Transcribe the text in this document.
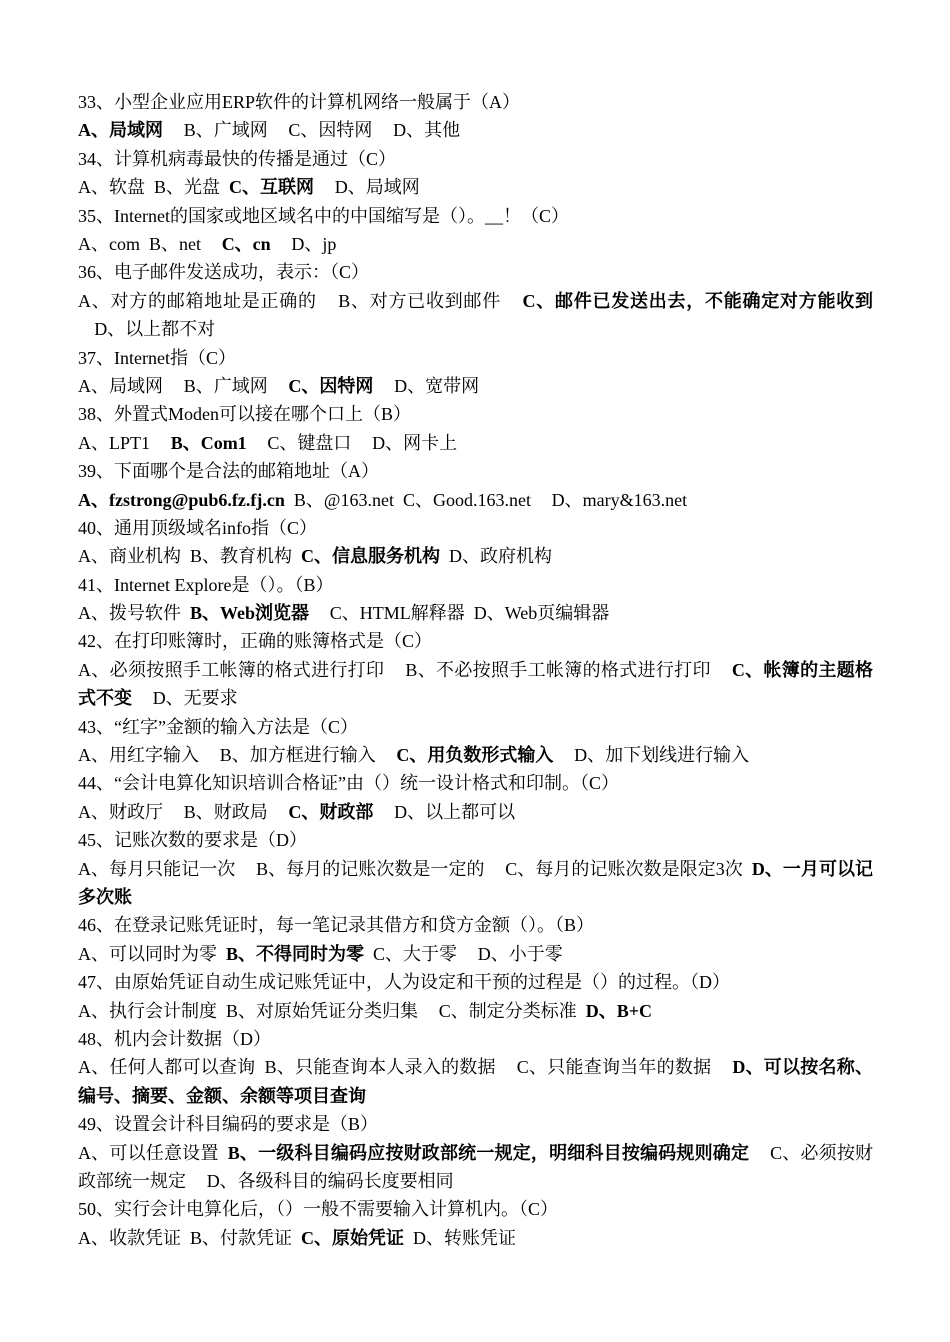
33、小型企业应用ERP软件的计算机网络一般属于（A）
A、局域网 B、广域网 C、因特网 D、其他
34、计算机病毒最快的传播是通过（C）
A、软盘 B、光盘 C、互联网 D、局域网
35、Internet的国家或地区域名中的中国缩写是（）。__！（C）
A、com B、net C、cn D、jp
36、电子邮件发送成功，表示：（C）
A、对方的邮箱地址是正确的 B、对方已收到邮件 C、邮件已发送出去，不能确定对方能收到 D、以上都不对
37、Internet指（C）
A、局域网 B、广域网 C、因特网 D、宽带网
38、外置式Moden可以接在哪个口上（B）
A、LPT1 B、Com1 C、键盘口 D、网卡上
39、下面哪个是合法的邮箱地址（A）
A、fzstrong@pub6.fz.fj.cn B、@163.net C、Good.163.net D、mary&163.net
40、通用顶级域名info指（C）
A、商业机构 B、教育机构 C、信息服务机构 D、政府机构
41、Internet Explore是（）。（B）
A、拨号软件 B、Web浏览器 C、HTML解释器 D、Web页编辑器
42、在打印账簿时，正确的账簿格式是（C）
A、必须按照手工帐簿的格式进行打印 B、不必按照手工帐簿的格式进行打印 C、帐簿的主题格式不变 D、无要求
43、“红字”金额的输入方法是（C）
A、用红字输入 B、加方框进行输入 C、用负数形式输入 D、加下划线进行输入
44、“会计电算化知识培训合格证”由（）统一设计格式和印制。（C）
A、财政厅 B、财政局 C、财政部 D、以上都可以
45、记账次数的要求是（D）
A、每月只能记一次 B、每月的记账次数是一定的 C、每月的记账次数是限定3次 D、一月可以记多次账
46、在登录记账凭证时，每一笔记录其借方和贷方金额（）。（B）
A、可以同时为零 B、不得同时为零 C、大于零 D、小于零
47、由原始凭证自动生成记账凭证中，人为设定和干预的过程是（）的过程。（D）
A、执行会计制度 B、对原始凭证分类归集 C、制定分类标准 D、B+C
48、机内会计数据（D）
A、任何人都可以查询 B、只能查询本人录入的数据 C、只能查询当年的数据 D、可以按名称、编号、摘要、金额、余额等项目查询
49、设置会计科目编码的要求是（B）
A、可以任意设置 B、一级科目编码应按财政部统一规定，明细科目按编码规则确定 C、必须按财政部统一规定 D、各级科目的编码长度要相同
50、实行会计电算化后，（）一般不需要输入计算机内。（C）
A、收款凭证 B、付款凭证 C、原始凭证 D、转账凭证
